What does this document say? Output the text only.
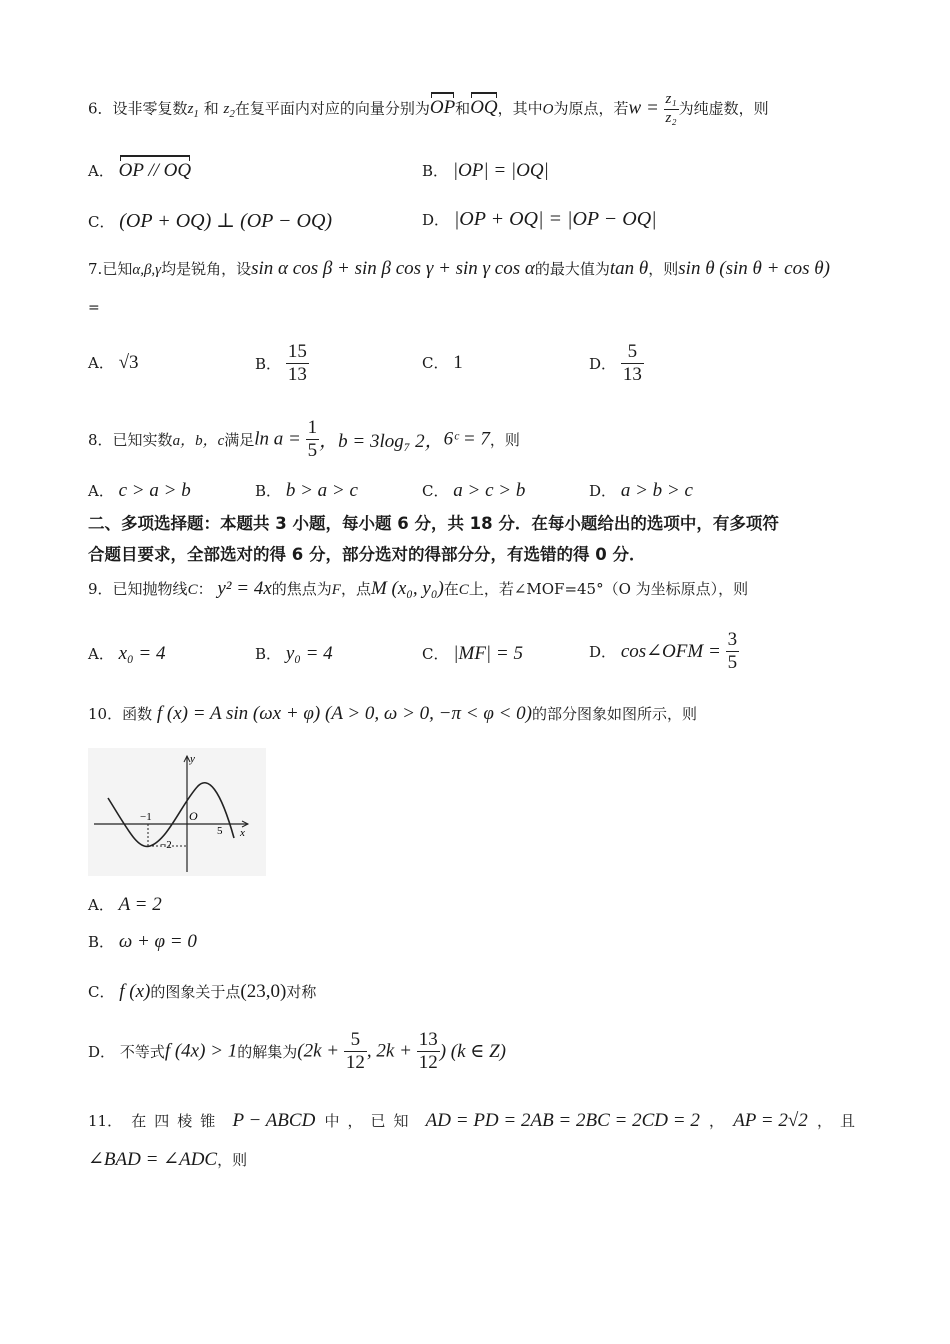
6．设非零复数$z_1$ 和 $z_2$在复平面内对应的向量分别为OP和OQ，其中O为原点，若$w = \frac{\text{z₁}}{\text{z₂}}$ 为纯虚数，则
A． OP // OQ	B． |OP| = |OQ|
C． (OP + OQ) ⊥ (OP − OQ)	D． |OP + OQ| = |OP − OQ|
7.已知α,β,γ均是锐角，设sin α cos β + sin β cos γ + sin γ cos α的最大值为tan θ，则sin θ (sin θ + cos θ)
=
A． √3	B． $\frac{15}{13}$	C． 1	D． $\frac{5}{13}$
8．已知实数a，b，c满足$\ln a = \frac{1}{5}$ ，b = 3log₇ 2，6ᶜ = 7，则
A． c > a > b	B． b > a > c	C． a > c > b	D． a > b > c
二、多项选择题：本题共 3 小题，每小题 6 分，共 18 分．在每小题给出的选项中，有多项符
合题目要求，全部选对的得 6 分，部分选对的得部分分，有选错的得 0 分．
9．已知抛物线C： y² = 4x的焦点为F，点M (x₀, y₀)在C上，若∠MOF=45°（O 为坐标原点），则
A． x₀ = 4	B． y₀ = 4	C． |MF| = 5	D． cos∠OFM = $\frac{3}{5}$
10．函数 f (x) = A sin (ωx + φ) (A > 0, ω > 0, −π < φ < 0)的部分图象如图所示，则
y
x
O
−1
5
−2
A． A = 2
B． ω + φ = 0
C． f (x)的图象关于点(23,0)对称
D． 不等式f (4x) > 1的解集为($2k + \frac{5}{12}$ , $2k + \frac{13}{12}$ ) (k ∈ Z)
11． 在四棱锥 P − ABCD 中，已知 AD = PD = 2AB = 2BC = 2CD = 2 ， AP = 2√2 ，且
∠BAD = ∠ADC，则
